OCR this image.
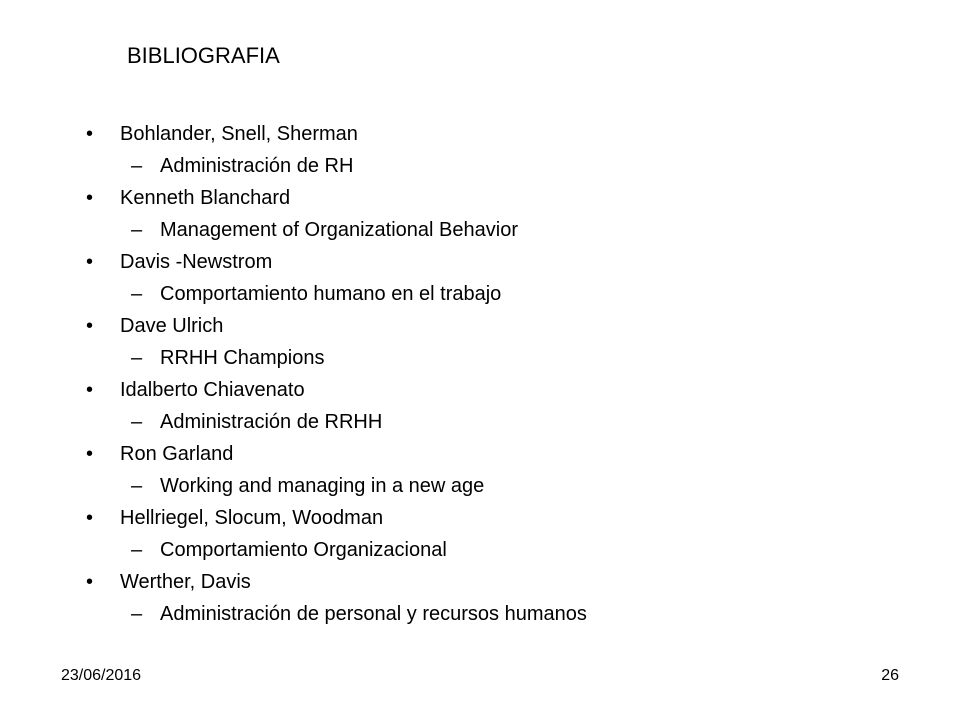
BIBLIOGRAFIA
• Bohlander, Snell, Sherman
– Administración de RH
• Kenneth Blanchard
– Management of Organizational Behavior
• Davis -Newstrom
– Comportamiento humano en el trabajo
• Dave Ulrich
– RRHH Champions
• Idalberto Chiavenato
– Administración de RRHH
• Ron Garland
– Working and managing in a new age
• Hellriegel, Slocum, Woodman
– Comportamiento Organizacional
• Werther, Davis
– Administración de personal y recursos humanos
23/06/2016	26
